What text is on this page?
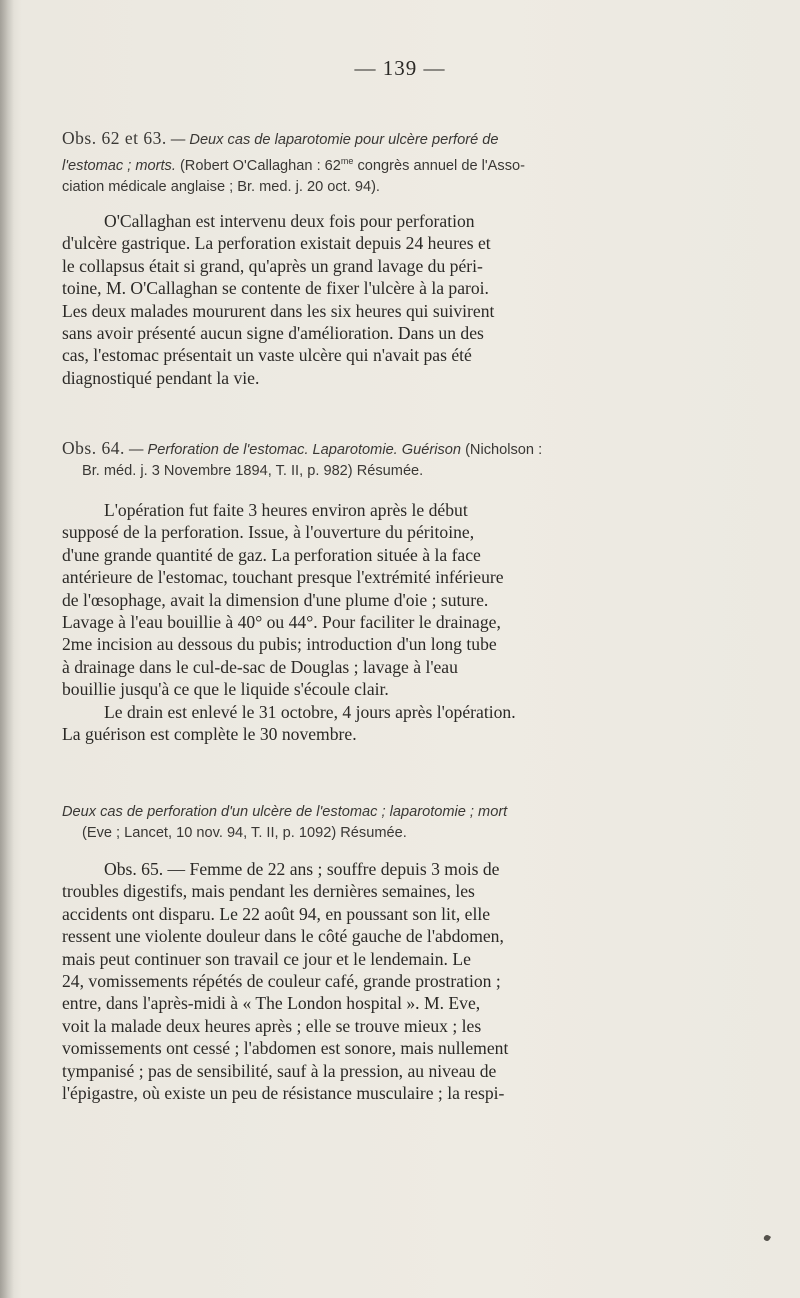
— 139 —
Obs. 62 et 63. — Deux cas de laparotomie pour ulcère perforé de
l'estomac ; morts. (Robert O'Callaghan : $62^{me}$ congrès annuel de l'Asso-
ciation médicale anglaise ; Br. med. j. 20 oct. 94).
O'Callaghan est intervenu deux fois pour perforation
d'ulcère gastrique. La perforation existait depuis 24 heures et
le collapsus était si grand, qu'après un grand lavage du péri-
toine, M. O'Callaghan se contente de fixer l'ulcère à la paroi.
Les deux malades moururent dans les six heures qui suivirent
sans avoir présenté aucun signe d'amélioration. Dans un des
cas, l'estomac présentait un vaste ulcère qui n'avait pas été
diagnostiqué pendant la vie.
Obs. 64. — Perforation de l'estomac. Laparotomie. Guérison (Nicholson :
Br. méd. j. 3 Novembre 1894, T. II, p. 982) Résumée.
L'opération fut faite 3 heures environ après le début
supposé de la perforation. Issue, à l'ouverture du péritoine,
d'une grande quantité de gaz. La perforation située à la face
antérieure de l'estomac, touchant presque l'extrémité inférieure
de l'œsophage, avait la dimension d'une plume d'oie ; suture.
Lavage à l'eau bouillie à 40° ou 44°. Pour faciliter le drainage,
2me incision au dessous du pubis; introduction d'un long tube
à drainage dans le cul-de-sac de Douglas ; lavage à l'eau
bouillie jusqu'à ce que le liquide s'écoule clair.
Le drain est enlevé le 31 octobre, 4 jours après l'opération.
La guérison est complète le 30 novembre.
Deux cas de perforation d'un ulcère de l'estomac ; laparotomie ; mort
(Eve ; Lancet, 10 nov. 94, T. II, p. 1092) Résumée.
Obs. 65. — Femme de 22 ans ; souffre depuis 3 mois de
troubles digestifs, mais pendant les dernières semaines, les
accidents ont disparu. Le 22 août 94, en poussant son lit, elle
ressent une violente douleur dans le côté gauche de l'abdomen,
mais peut continuer son travail ce jour et le lendemain. Le
24, vomissements répétés de couleur café, grande prostration ;
entre, dans l'après-midi à « The London hospital ». M. Eve,
voit la malade deux heures après ; elle se trouve mieux ; les
vomissements ont cessé ; l'abdomen est sonore, mais nullement
tympanisé ; pas de sensibilité, sauf à la pression, au niveau de
l'épigastre, où existe un peu de résistance musculaire ; la respi-
